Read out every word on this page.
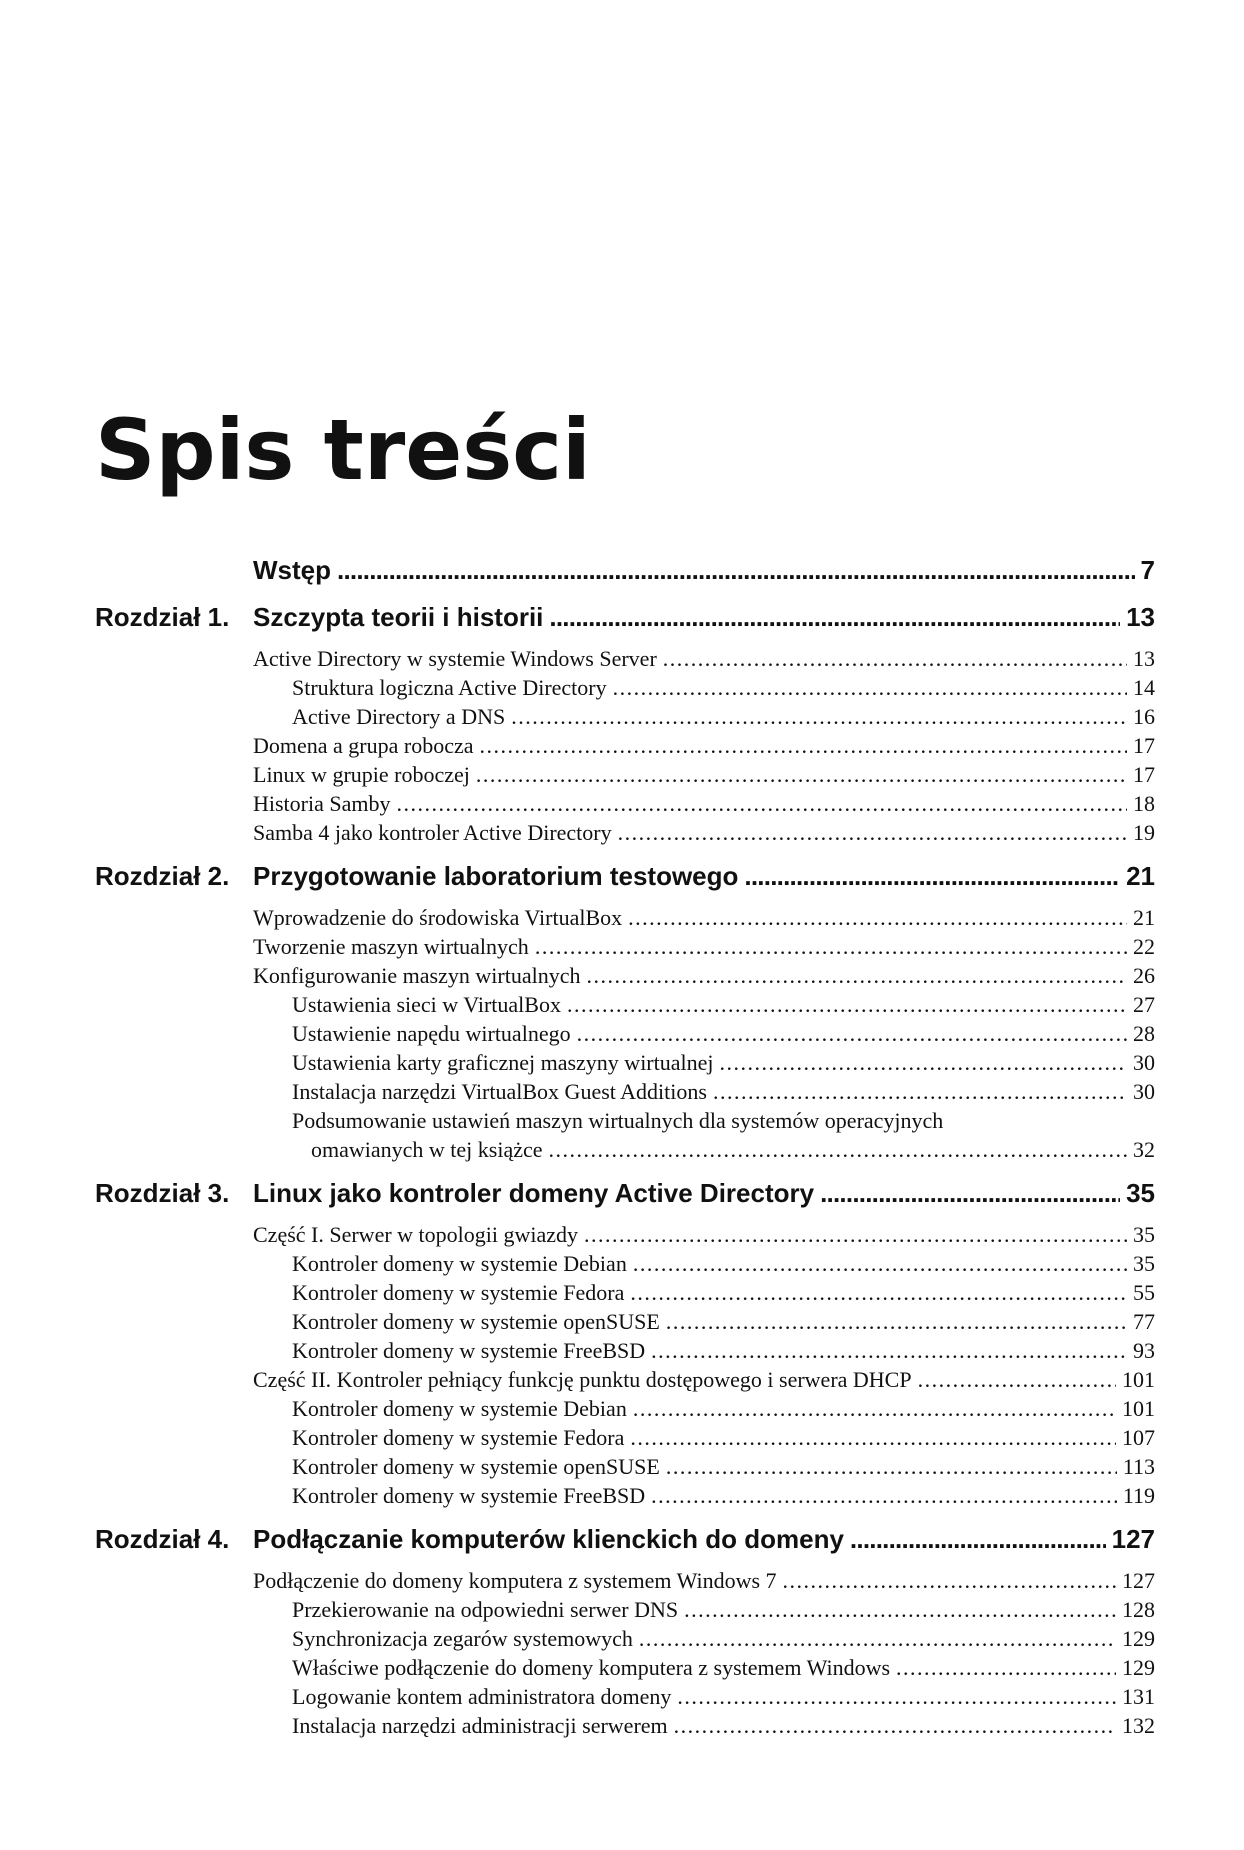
Spis treści
Wstęp . . .	7
Rozdział 1. Szczypta teorii i historii . . .	13
Active Directory w systemie Windows Server . . .	13
Struktura logiczna Active Directory . . .	14
Active Directory a DNS . . .	16
Domena a grupa robocza . . .	17
Linux w grupie roboczej . . .	17
Historia Samby . . .	18
Samba 4 jako kontroler Active Directory . . .	19
Rozdział 2. Przygotowanie laboratorium testowego . . .	21
Wprowadzenie do środowiska VirtualBox . . .	21
Tworzenie maszyn wirtualnych . . .	22
Konfigurowanie maszyn wirtualnych . . .	26
Ustawienia sieci w VirtualBox . . .	27
Ustawienie napędu wirtualnego . . .	28
Ustawienia karty graficznej maszyny wirtualnej . . .	30
Instalacja narzędzi VirtualBox Guest Additions . . .	30
Podsumowanie ustawień maszyn wirtualnych dla systemów operacyjnych
omawianych w tej książce . . .	32
Rozdział 3. Linux jako kontroler domeny Active Directory . . .	35
Część I. Serwer w topologii gwiazdy . . .	35
Kontroler domeny w systemie Debian . . .	35
Kontroler domeny w systemie Fedora . . .	55
Kontroler domeny w systemie openSUSE . . .	77
Kontroler domeny w systemie FreeBSD . . .	93
Część II. Kontroler pełniący funkcję punktu dostępowego i serwera DHCP . . .	101
Kontroler domeny w systemie Debian . . .	101
Kontroler domeny w systemie Fedora . . .	107
Kontroler domeny w systemie openSUSE . . .	113
Kontroler domeny w systemie FreeBSD . . .	119
Rozdział 4. Podłączanie komputerów klienckich do domeny . . .	127
Podłączenie do domeny komputera z systemem Windows 7 . . .	127
Przekierowanie na odpowiedni serwer DNS . . .	128
Synchronizacja zegarów systemowych . . .	129
Właściwe podłączenie do domeny komputera z systemem Windows . . .	129
Logowanie kontem administratora domeny . . .	131
Instalacja narzędzi administracji serwerem . . .	132
